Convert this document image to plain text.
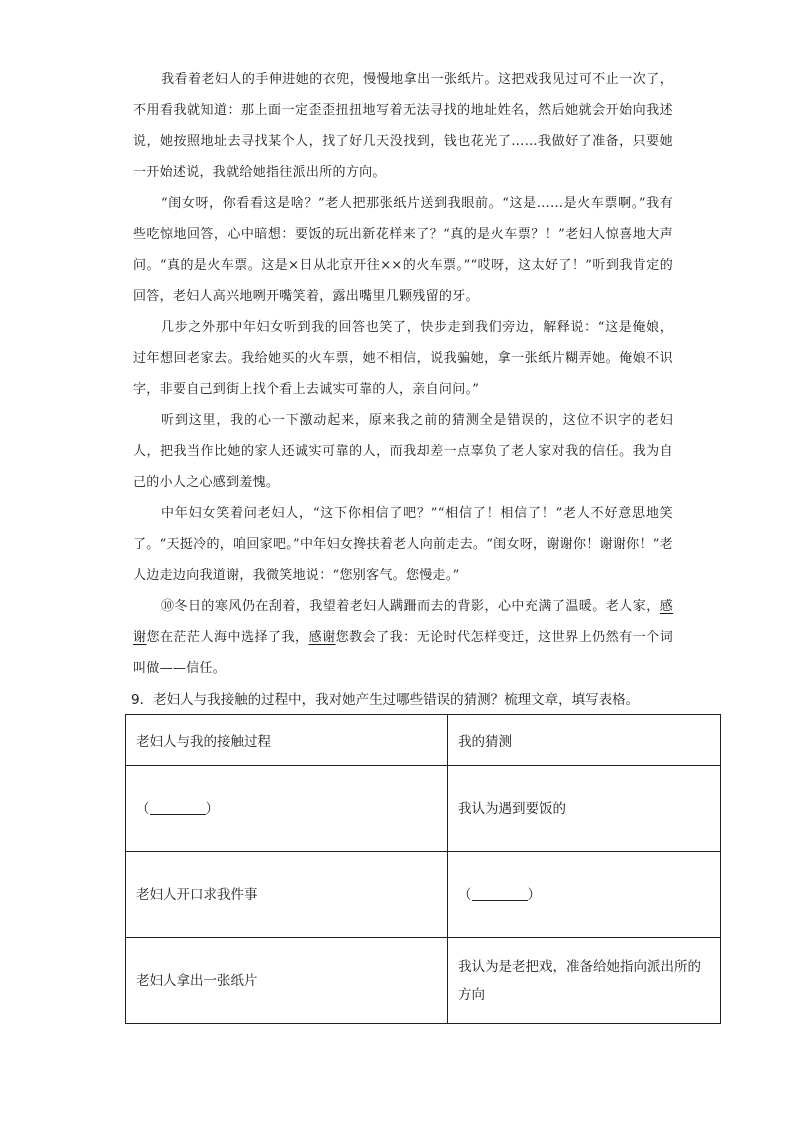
我看着老妇人的手伸进她的衣兜，慢慢地拿出一张纸片。这把戏我见过可不止一次了，不用看我就知道：那上面一定歪歪扭扭地写着无法寻找的地址姓名，然后她就会开始向我述说，她按照地址去寻找某个人，找了好几天没找到，钱也花光了……我做好了准备，只要她一开始述说，我就给她指往派出所的方向。

“闺女呀，你看看这是啥？”老人把那张纸片送到我眼前。“这是……是火车票啊。”我有些吃惊地回答，心中暗想：要饭的玩出新花样来了？“真的是火车票？！”老妇人惊喜地大声问。“真的是火车票。这是×日从北京开往××的火车票。”“哎呀，这太好了！”听到我肯定的回答，老妇人高兴地咧开嘴笑着，露出嘴里几颗残留的牙。

几步之外那中年妇女听到我的回答也笑了，快步走到我们旁边，解释说：“这是俺娘，过年想回老家去。我给她买的火车票，她不相信，说我骗她，拿一张纸片糊弄她。俺娘不识字，非要自己到街上找个看上去诚实可靠的人，亲自问问。”

听到这里，我的心一下激动起来，原来我之前的猜测全是错误的，这位不识字的老妇人，把我当作比她的家人还诚实可靠的人，而我却差一点辜负了老人家对我的信任。我为自己的小人之心感到羞愧。

中年妇女笑着问老妇人，“这下你相信了吧？”“相信了！相信了！”老人不好意思地笑了。“天挺冷的，咱回家吧。”中年妇女搀扶着老人向前走去。“闺女呀，谢谢你！谢谢你！”老人边走边向我道谢，我微笑地说：“您别客气。您慢走。”

⑩冬日的寒风仍在刮着，我望着老妇人蹒跚而去的背影，心中充满了温暖。老人家，感谢您在茫茫人海中选择了我，感谢您教会了我：无论时代怎样变迁，这世界上仍然有一个词叫做——信任。

9．老妇人与我接触的过程中，我对她产生过哪些错误的猜测？梳理文章，填写表格。
老妇人与我的接触过程	我的猜测
（ ）	我认为遇到要饭的
老妇人开口求我件事	（ ）
老妇人拿出一张纸片	我认为是老把戏，准备给她指向派出所的方向
